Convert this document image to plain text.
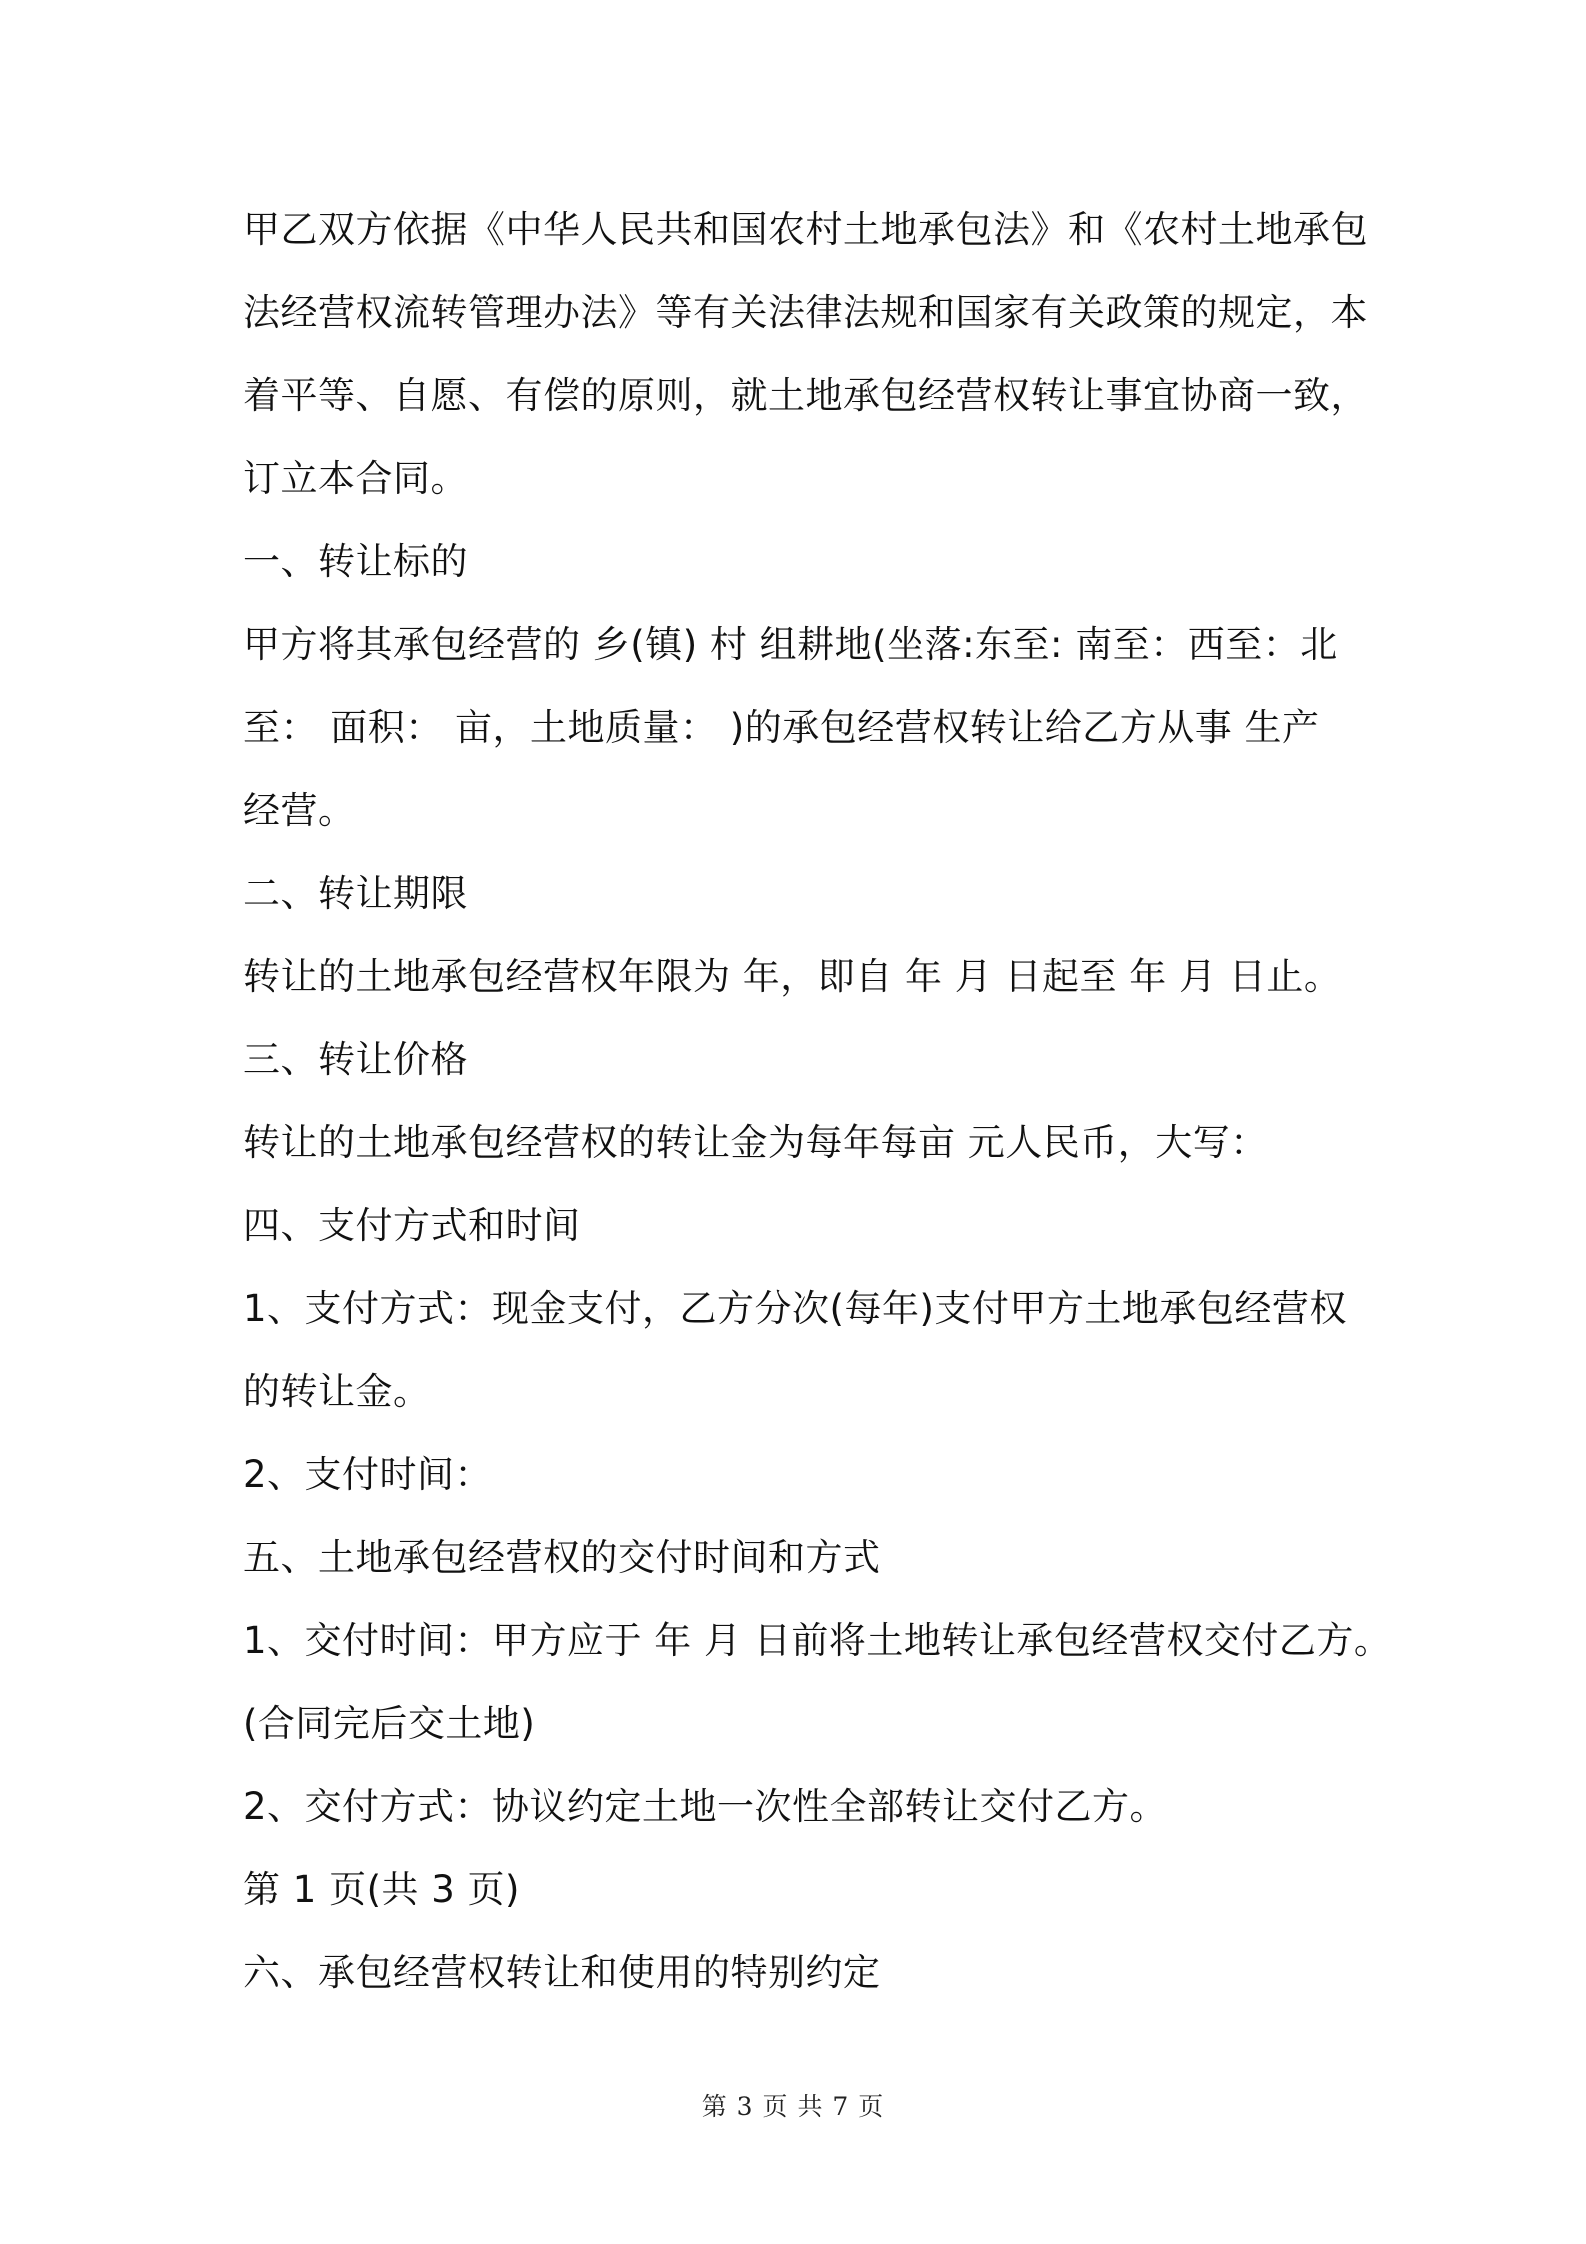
甲乙双方依据《中华人民共和国农村土地承包法》和《农村土地承包
法经营权流转管理办法》等有关法律法规和国家有关政策的规定，本
着平等、自愿、有偿的原则，就土地承包经营权转让事宜协商一致，
订立本合同。
一、转让标的
甲方将其承包经营的 乡(镇) 村 组耕地(坐落:东至: 南至：西至：北
至： 面积： 亩，土地质量： )的承包经营权转让给乙方从事 生产
经营。
二、转让期限
转让的土地承包经营权年限为 年，即自 年 月 日起至 年 月 日止。
三、转让价格
转让的土地承包经营权的转让金为每年每亩 元人民币，大写：
四、支付方式和时间
1、支付方式：现金支付，乙方分次(每年)支付甲方土地承包经营权
的转让金。
2、支付时间：
五、土地承包经营权的交付时间和方式
1、交付时间：甲方应于 年 月 日前将土地转让承包经营权交付乙方。
(合同完后交土地)
2、交付方式：协议约定土地一次性全部转让交付乙方。
第 1 页(共 3 页)
六、承包经营权转让和使用的特别约定
第 3 页 共 7 页
